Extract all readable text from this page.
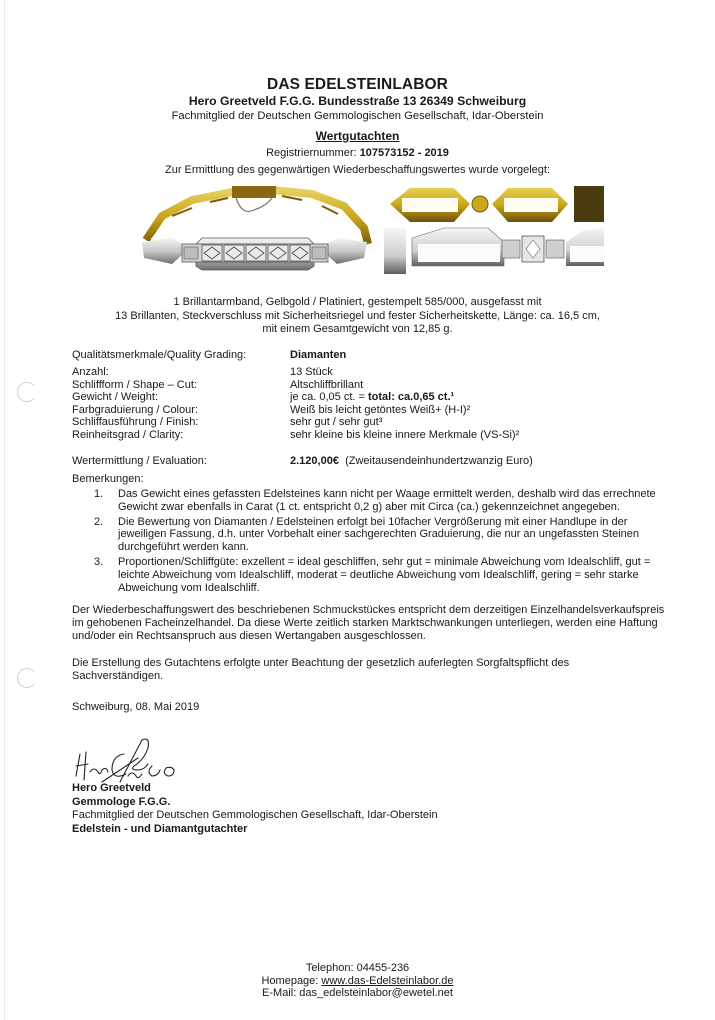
DAS EDELSTEINLABOR
Hero Greetveld F.G.G. Bundesstraße 13 26349 Schweiburg
Fachmitglied der Deutschen Gemmologischen Gesellschaft, Idar-Oberstein
Wertgutachten
Registriernummer: 107573152 - 2019
Zur Ermittlung des gegenwärtigen Wiederbeschaffungswertes wurde vorgelegt:
1 Brillantarmband, Gelbgold / Platiniert, gestempelt 585/000, ausgefasst mit
13 Brillanten, Steckverschluss mit Sicherheitsriegel und fester Sicherheitskette, Länge: ca. 16,5 cm,
mit einem Gesamtgewicht von 12,85 g.
Qualitätsmerkmale/Quality Grading:	Diamanten
Anzahl:
Schliffform / Shape – Cut:
Gewicht / Weight:
Farbgraduierung / Colour:
Schliffausführung / Finish:
Reinheitsgrad / Clarity:
13 Stück
Altschliffbrillant
je ca. 0,05 ct. = total: ca.0,65 ct.¹
Weiß bis leicht getöntes Weiß+ (H-I)²
sehr gut / sehr gut³
sehr kleine bis kleine innere Merkmale (VS-Si)²
Wertermittlung / Evaluation:	2.120,00€ (Zweitausendeinhundertzwanzig Euro)
Bemerkungen:
1. Das Gewicht eines gefassten Edelsteines kann nicht per Waage ermittelt werden, deshalb wird das errechnete Gewicht zwar ebenfalls in Carat (1 ct. entspricht 0,2 g) aber mit Circa (ca.) gekennzeichnet angegeben.
2. Die Bewertung von Diamanten / Edelsteinen erfolgt bei 10facher Vergrößerung mit einer Handlupe in der jeweiligen Fassung, d.h. unter Vorbehalt einer sachgerechten Graduierung, die nur an ungefassten Steinen durchgeführt werden kann.
3. Proportionen/Schliffgüte: exzellent = ideal geschliffen, sehr gut = minimale Abweichung vom Idealschliff, gut = leichte Abweichung vom Idealschliff, moderat = deutliche Abweichung vom Idealschliff, gering = sehr starke Abweichung vom Idealschliff.
Der Wiederbeschaffungswert des beschriebenen Schmuckstückes entspricht dem derzeitigen Einzelhandelsverkaufspreis im gehobenen Facheinzelhandel. Da diese Werte zeitlich starken Marktschwankungen unterliegen, werden eine Haftung und/oder ein Rechtsanspruch aus diesen Wertangaben ausgeschlossen.
Die Erstellung des Gutachtens erfolgte unter Beachtung der gesetzlich auferlegten Sorgfaltspflicht des Sachverständigen.
Schweiburg, 08. Mai 2019
Hero Greetveld
Gemmologe F.G.G.
Fachmitglied der Deutschen Gemmologischen Gesellschaft, Idar-Oberstein
Edelstein - und Diamantgutachter
Telephon: 04455-236
Homepage: www.das-Edelsteinlabor.de
E-Mail: das_edelsteinlabor@ewetel.net
